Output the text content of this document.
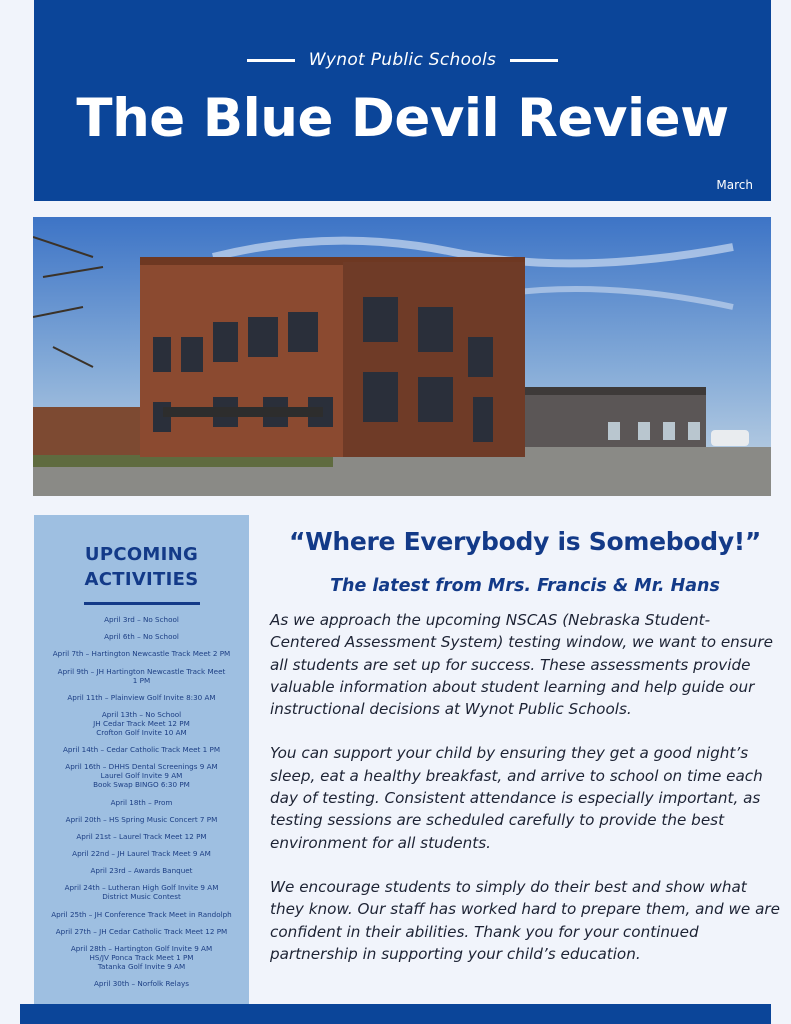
Wynot Public Schools
The Blue Devil Review
March
UPCOMING
ACTIVITIES
April 3rd – No School
April 6th – No School
April 7th – Hartington Newcastle Track Meet 2 PM
April 9th – JH Hartington Newcastle Track Meet
1 PM
April 11th – Plainview Golf Invite 8:30 AM
April 13th – No School
JH Cedar Track Meet 12 PM
Crofton Golf Invite 10 AM
April 14th – Cedar Catholic Track Meet 1 PM
April 16th – DHHS Dental Screenings 9 AM
Laurel Golf Invite 9 AM
Book Swap BINGO 6:30 PM
April 18th – Prom
April 20th – HS Spring Music Concert 7 PM
April 21st – Laurel Track Meet 12 PM
April 22nd – JH Laurel Track Meet 9 AM
April 23rd – Awards Banquet
April 24th – Lutheran High Golf Invite 9 AM
District Music Contest
April 25th – JH Conference Track Meet in Randolph
April 27th – JH Cedar Catholic Track Meet 12 PM
April 28th – Hartington Golf Invite 9 AM
HS/JV Ponca Track Meet 1 PM
Tatanka Golf Invite 9 AM
April 30th – Norfolk Relays
“Where Everybody is Somebody!”
The latest from Mrs. Francis & Mr. Hans

As we approach the upcoming NSCAS (Nebraska Student-Centered Assessment System) testing window, we want to ensure all students are set up for success. These assessments provide valuable information about student learning and help guide our instructional decisions at Wynot Public Schools.

You can support your child by ensuring they get a good night’s sleep, eat a healthy breakfast, and arrive to school on time each day of testing. Consistent attendance is especially important, as testing sessions are scheduled carefully to provide the best environment for all students.

We encourage students to simply do their best and show what they know. Our staff has worked hard to prepare them, and we are confident in their abilities. Thank you for your continued partnership in supporting your child’s education.
